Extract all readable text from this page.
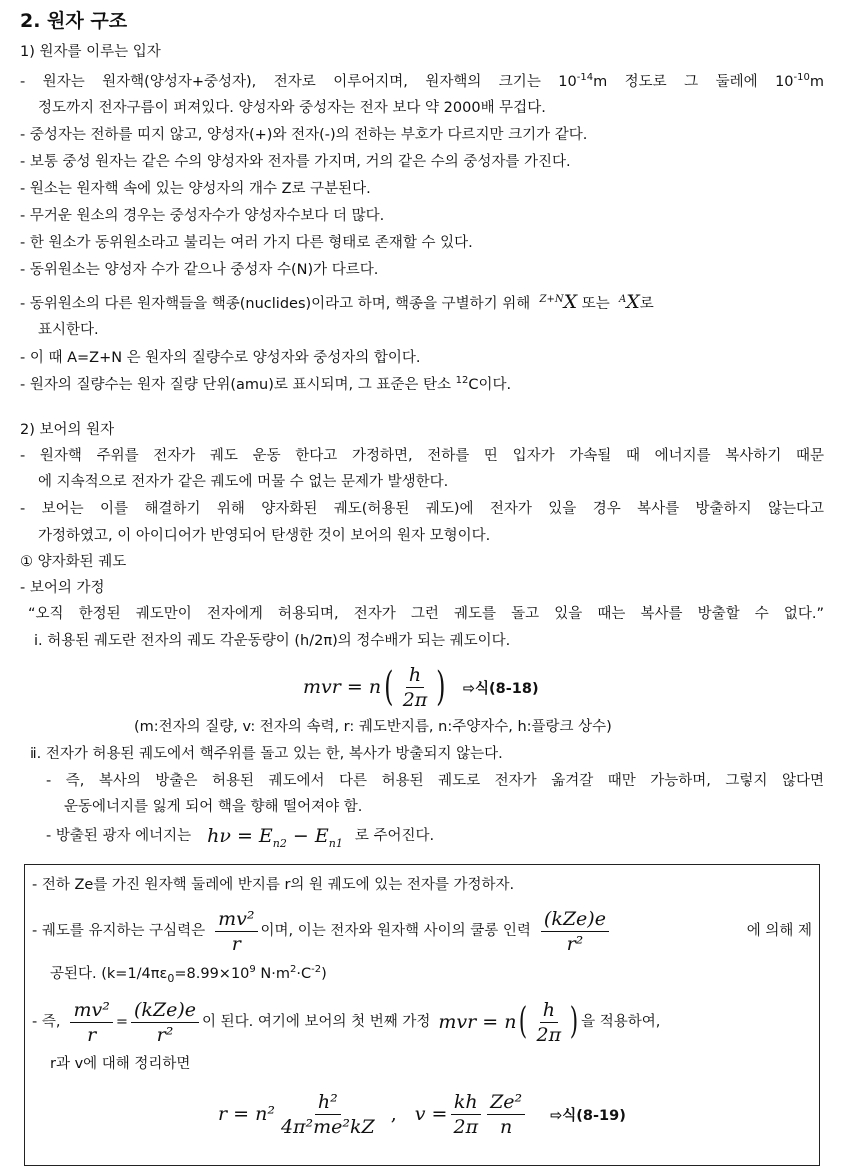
2. 원자 구조
1) 원자를 이루는 입자
- 원자는 원자핵(양성자+중성자), 전자로 이루어지며, 원자핵의 크기는 $10^{-14}m$ 정도로 그 둘레에 $10^{-10}m$
정도까지 전자구름이 퍼져있다. 양성자와 중성자는 전자 보다 약 2000배 무겁다.
- 중성자는 전하를 띠지 않고, 양성자(+)와 전자(-)의 전하는 부호가 다르지만 크기가 같다.
- 보통 중성 원자는 같은 수의 양성자와 전자를 가지며, 거의 같은 수의 중성자를 가진다.
- 원소는 원자핵 속에 있는 양성자의 개수 Z로 구분된다.
- 무거운 원소의 경우는 중성자수가 양성자수보다 더 많다.
- 한 원소가 동위원소라고 불리는 여러 가지 다른 형태로 존재할 수 있다.
- 동위원소는 양성자 수가 같으나 중성자 수(N)가 다르다.
- 동위원소의 다른 원자핵들을 핵종(nuclides)이라고 하며, 핵종을 구별하기 위해 $^{Z+N}$X 또는 $^A$X로
표시한다.
- 이 때 A=Z+N 은 원자의 질량수로 양성자와 중성자의 합이다.
- 원자의 질량수는 원자 질량 단위(amu)로 표시되며, 그 표준은 탄소 $^{12}$C이다.
2) 보어의 원자
- 원자핵 주위를 전자가 궤도 운동 한다고 가정하면, 전하를 띤 입자가 가속될 때 에너지를 복사하기 때문
에 지속적으로 전자가 같은 궤도에 머물 수 없는 문제가 발생한다.
- 보어는 이를 해결하기 위해 양자화된 궤도(허용된 궤도)에 전자가 있을 경우 복사를 방출하지 않는다고
가정하였고, 이 아이디어가 반영되어 탄생한 것이 보어의 원자 모형이다.
① 양자화된 궤도
- 보어의 가정
“오직 한정된 궤도만이 전자에게 허용되며, 전자가 그런 궤도를 돌고 있을 때는 복사를 방출할 수 없다.”
ⅰ. 허용된 궤도란 전자의 궤도 각운동량이 (h/2π)의 정수배가 되는 궤도이다.
mvr = n ( $\frac{h}{2\pi}$ ) ⇨식(8-18)
(m:전자의 질량, v: 전자의 속력, r: 궤도반지름, n:주양자수, h:플랑크 상수)
ⅱ. 전자가 허용된 궤도에서 핵주위를 돌고 있는 한, 복사가 방출되지 않는다.
- 즉, 복사의 방출은 허용된 궤도에서 다른 허용된 궤도로 전자가 옮겨갈 때만 가능하며, 그렇지 않다면
운동에너지를 잃게 되어 핵을 향해 떨어져야 함.
- 방출된 광자 에너지는 $h\nu = E_{n2} - E_{n1}$ 로 주어진다.
- 전하 Ze를 가진 원자핵 둘레에 반지름 r의 원 궤도에 있는 전자를 가정하자.
- 궤도를 유지하는 구심력은 $\frac{\text{mv²}}{r}$ 이며, 이는 전자와 원자핵 사이의 쿨롱 인력 $\frac{\text{(kZe)e}}{\text{r²}}$	에 의해 제
공된다. ($k=1/4\pi\varepsilon_0=8.99\times 10^9$ $N\cdot m^2\cdot C^{-2}$)
- 즉, $\frac{\text{mv²}}{r} = \frac{\text{(kZe)e}}{\text{r²}}$ 이 된다. 여기에 보어의 첫 번째 가정 mvr = n ( $\frac{h}{2\pi}$ ) 을 적용하여,
r과 v에 대해 정리하면
$r = n^2 \frac{\text{h²}}{\text{4π²me²kZ}}$ , $v = \frac{kh}{2\pi} \frac{\text{Ze²}}{n}$ ⇨식(8-19)
